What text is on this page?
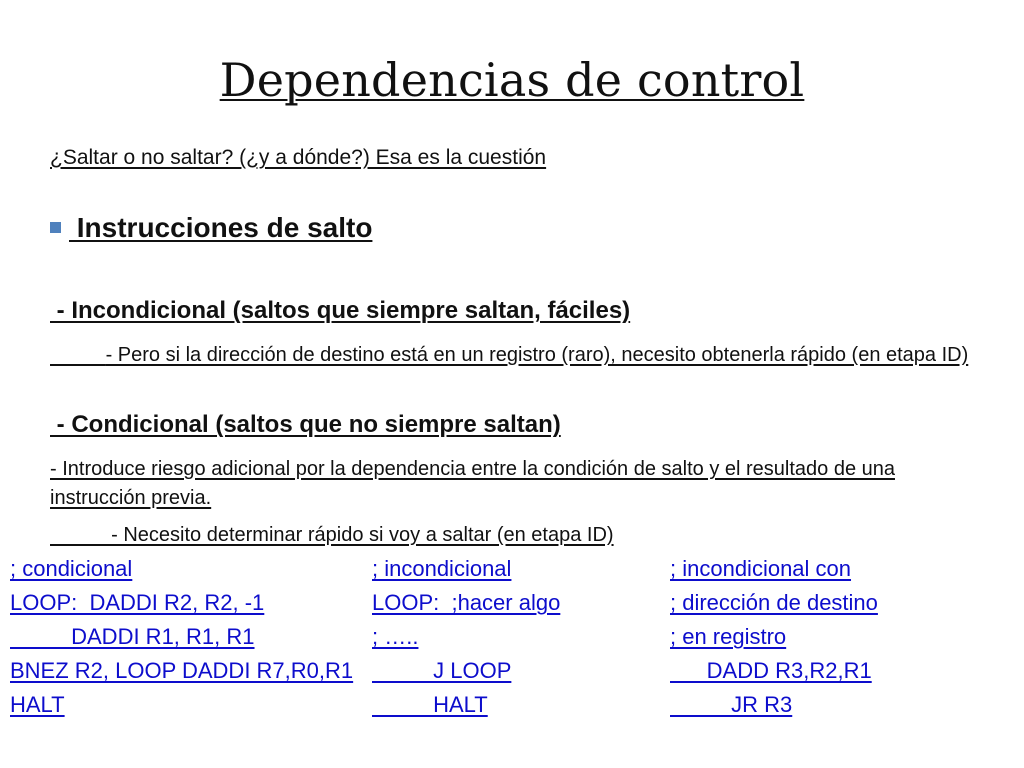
Dependencias de control
¿Saltar o no saltar? (¿y a dónde?) Esa es la cuestión
Instrucciones de salto
- Incondicional (saltos que siempre saltan, fáciles)
- Pero si la dirección de destino está en un registro (raro), necesito obtenerla rápido (en etapa ID)
- Condicional (saltos que no siempre saltan)
- Introduce riesgo adicional por la dependencia entre la condición de salto y el resultado de una instrucción previa.
- Necesito determinar rápido si voy a saltar (en etapa ID)
; condicional
LOOP:  DADDI R2, R2, -1
DADDI R1, R1, R1
BNEZ R2, LOOP DADDI R7,R0,R1
HALT
; incondicional
LOOP:  ;hacer algo
; …..
J LOOP
HALT
; incondicional con
; dirección de destino
; en registro
DADD R3,R2,R1
JR R3
